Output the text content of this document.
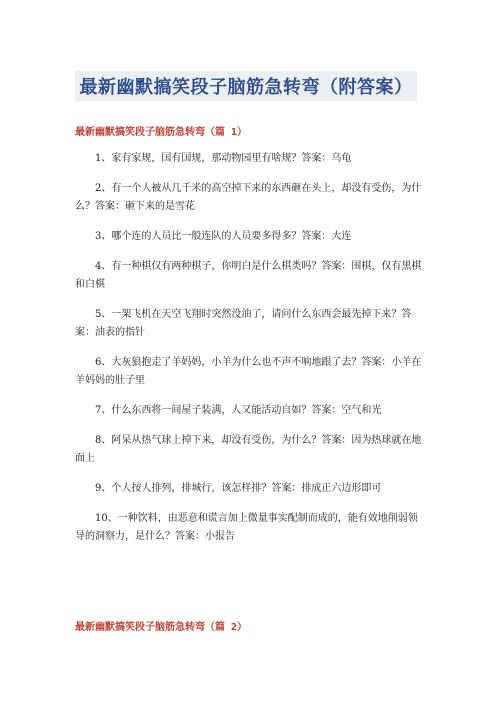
最新幽默搞笑段子脑筋急转弯（附答案）
最新幽默搞笑段子脑筋急转弯（篇 1）
1、家有家规，国有国规，那动物园里有啥规？答案：乌龟
2、有一个人被从几千米的高空掉下来的东西砸在头上，却没有受伤，为什么？答案：砸下来的是雪花
3、哪个连的人员比一般连队的人员要多得多？答案：大连
4、有一种棋仅有两种棋子，你明白是什么棋类吗？答案：围棋，仅有黑棋和白棋
5、一架飞机在天空飞翔时突然没油了，请问什么东西会最先掉下来？答案：油表的指针
6、大灰狼抱走了羊妈妈，小羊为什么也不声不响地跟了去？答案：小羊在羊妈妈的肚子里
7、什么东西将一间屋子装满，人又能活动自如？答案：空气和光
8、阿呆从热气球上掉下来，却没有受伤，为什么？答案：因为热球就在地面上
9、个人按人排列，排城行，该怎样排？答案：排成正六边形即可
10、一种饮料，由恶意和谎言加上微量事实配制而成的，能有效地削弱领导的洞察力，是什么？答案：小报告
最新幽默搞笑段子脑筋急转弯（篇 2）
